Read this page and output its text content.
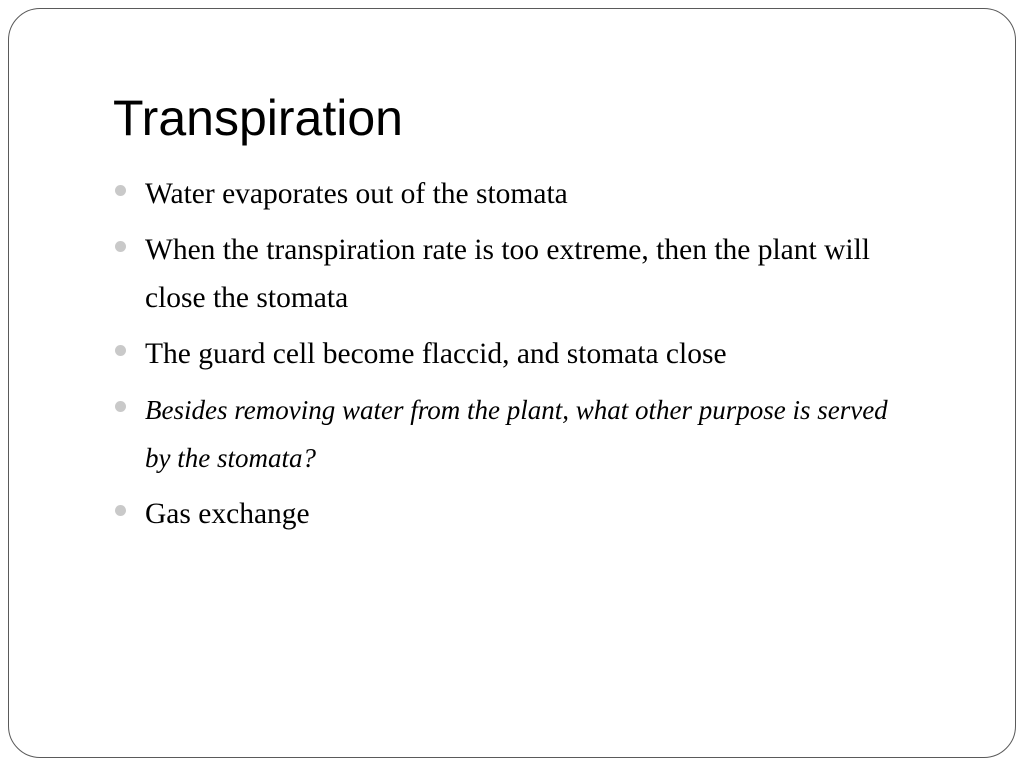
Transpiration
Water evaporates out of the stomata
When the transpiration rate is too extreme, then the plant will close the stomata
The guard cell become flaccid, and stomata close
Besides removing water from the plant, what other purpose is served by the stomata?
Gas exchange
